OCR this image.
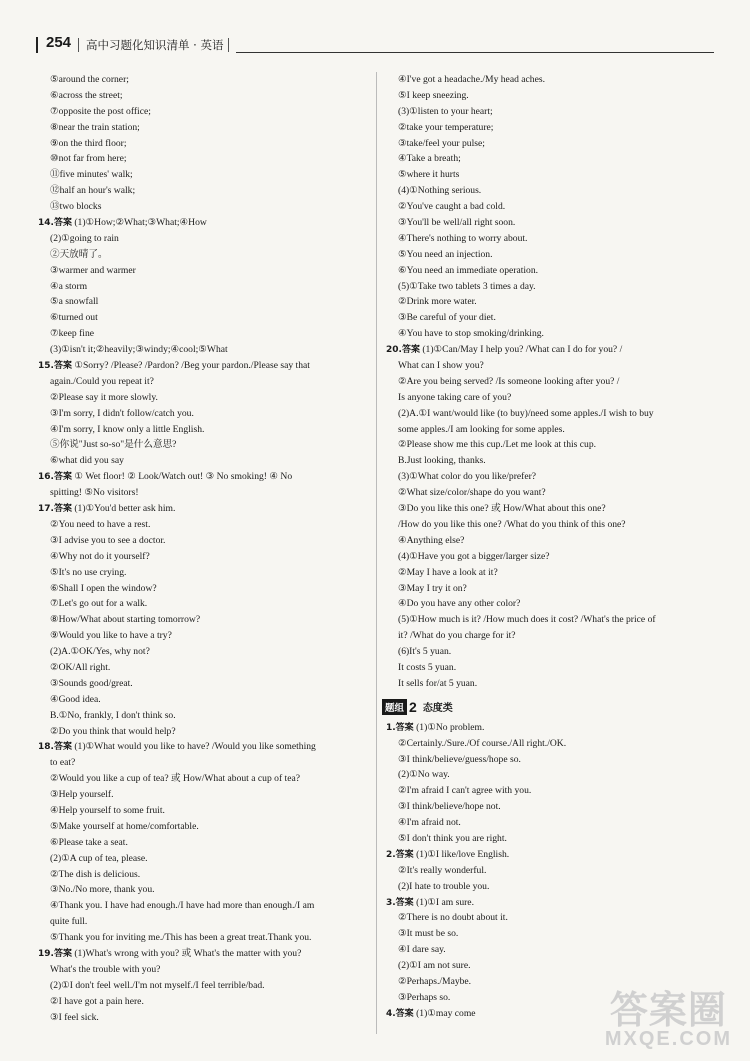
254 高中习题化知识清单 · 英语
⑤around the corner;
⑥across the street;
⑦opposite the post office;
⑧near the train station;
⑨on the third floor;
⑩not far from here;
⑪five minutes' walk;
⑫half an hour's walk;
⑬two blocks
14.答案 (1)①How;②What;③What;④How
(2)①going to rain
②天放晴了。
③warmer and warmer
④a storm
⑤a snowfall
⑥turned out
⑦keep fine
(3)①isn't it;②heavily;③windy;④cool;⑤What
15.答案 ①Sorry? /Please? /Pardon? /Beg your pardon./Please say that
again./Could you repeat it?
②Please say it more slowly.
③I'm sorry, I didn't follow/catch you.
④I'm sorry, I know only a little English.
⑤你说"Just so-so"是什么意思?
⑥what did you say
16.答案 ① Wet floor! ② Look/Watch out! ③ No smoking! ④ No
spitting! ⑤No visitors!
17.答案 (1)①You'd better ask him.
②You need to have a rest.
③I advise you to see a doctor.
④Why not do it yourself?
⑤It's no use crying.
⑥Shall I open the window?
⑦Let's go out for a walk.
⑧How/What about starting tomorrow?
⑨Would you like to have a try?
(2)A.①OK/Yes, why not?
②OK/All right.
③Sounds good/great.
④Good idea.
B.①No, frankly, I don't think so.
②Do you think that would help?
18.答案 (1)①What would you like to have? /Would you like something
to eat?
②Would you like a cup of tea? 或 How/What about a cup of tea?
③Help yourself.
④Help yourself to some fruit.
⑤Make yourself at home/comfortable.
⑥Please take a seat.
(2)①A cup of tea, please.
②The dish is delicious.
③No./No more, thank you.
④Thank you. I have had enough./I have had more than enough./I am
quite full.
⑤Thank you for inviting me./This has been a great treat.Thank you.
19.答案 (1)What's wrong with you? 或 What's the matter with you?
What's the trouble with you?
(2)①I don't feel well./I'm not myself./I feel terrible/bad.
②I have got a pain here.
③I feel sick.
④I've got a headache./My head aches.
⑤I keep sneezing.
(3)①listen to your heart;
②take your temperature;
③take/feel your pulse;
④Take a breath;
⑤where it hurts
(4)①Nothing serious.
②You've caught a bad cold.
③You'll be well/all right soon.
④There's nothing to worry about.
⑤You need an injection.
⑥You need an immediate operation.
(5)①Take two tablets 3 times a day.
②Drink more water.
③Be careful of your diet.
④You have to stop smoking/drinking.
20.答案 (1)①Can/May I help you? /What can I do for you? /
What can I show you?
②Are you being served? /Is someone looking after you? /
Is anyone taking care of you?
(2)A.①I want/would like (to buy)/need some apples./I wish to buy
some apples./I am looking for some apples.
②Please show me this cup./Let me look at this cup.
B.Just looking, thanks.
(3)①What color do you like/prefer?
②What size/color/shape do you want?
③Do you like this one? 或 How/What about this one?
/How do you like this one? /What do you think of this one?
④Anything else?
(4)①Have you got a bigger/larger size?
②May I have a look at it?
③May I try it on?
④Do you have any other color?
(5)①How much is it? /How much does it cost? /What's the price of
it? /What do you charge for it?
(6)It's 5 yuan.
It costs 5 yuan.
It sells for/at 5 yuan.
题组 2 态度类
1.答案 (1)①No problem.
②Certainly./Sure./Of course./All right./OK.
③I think/believe/guess/hope so.
(2)①No way.
②I'm afraid I can't agree with you.
③I think/believe/hope not.
④I'm afraid not.
⑤I don't think you are right.
2.答案 (1)①I like/love English.
②It's really wonderful.
(2)I hate to trouble you.
3.答案 (1)①I am sure.
②There is no doubt about it.
③It must be so.
④I dare say.
(2)①I am not sure.
②Perhaps./Maybe.
③Perhaps so.
4.答案 (1)①may come	答案圈
MXQE.COM
